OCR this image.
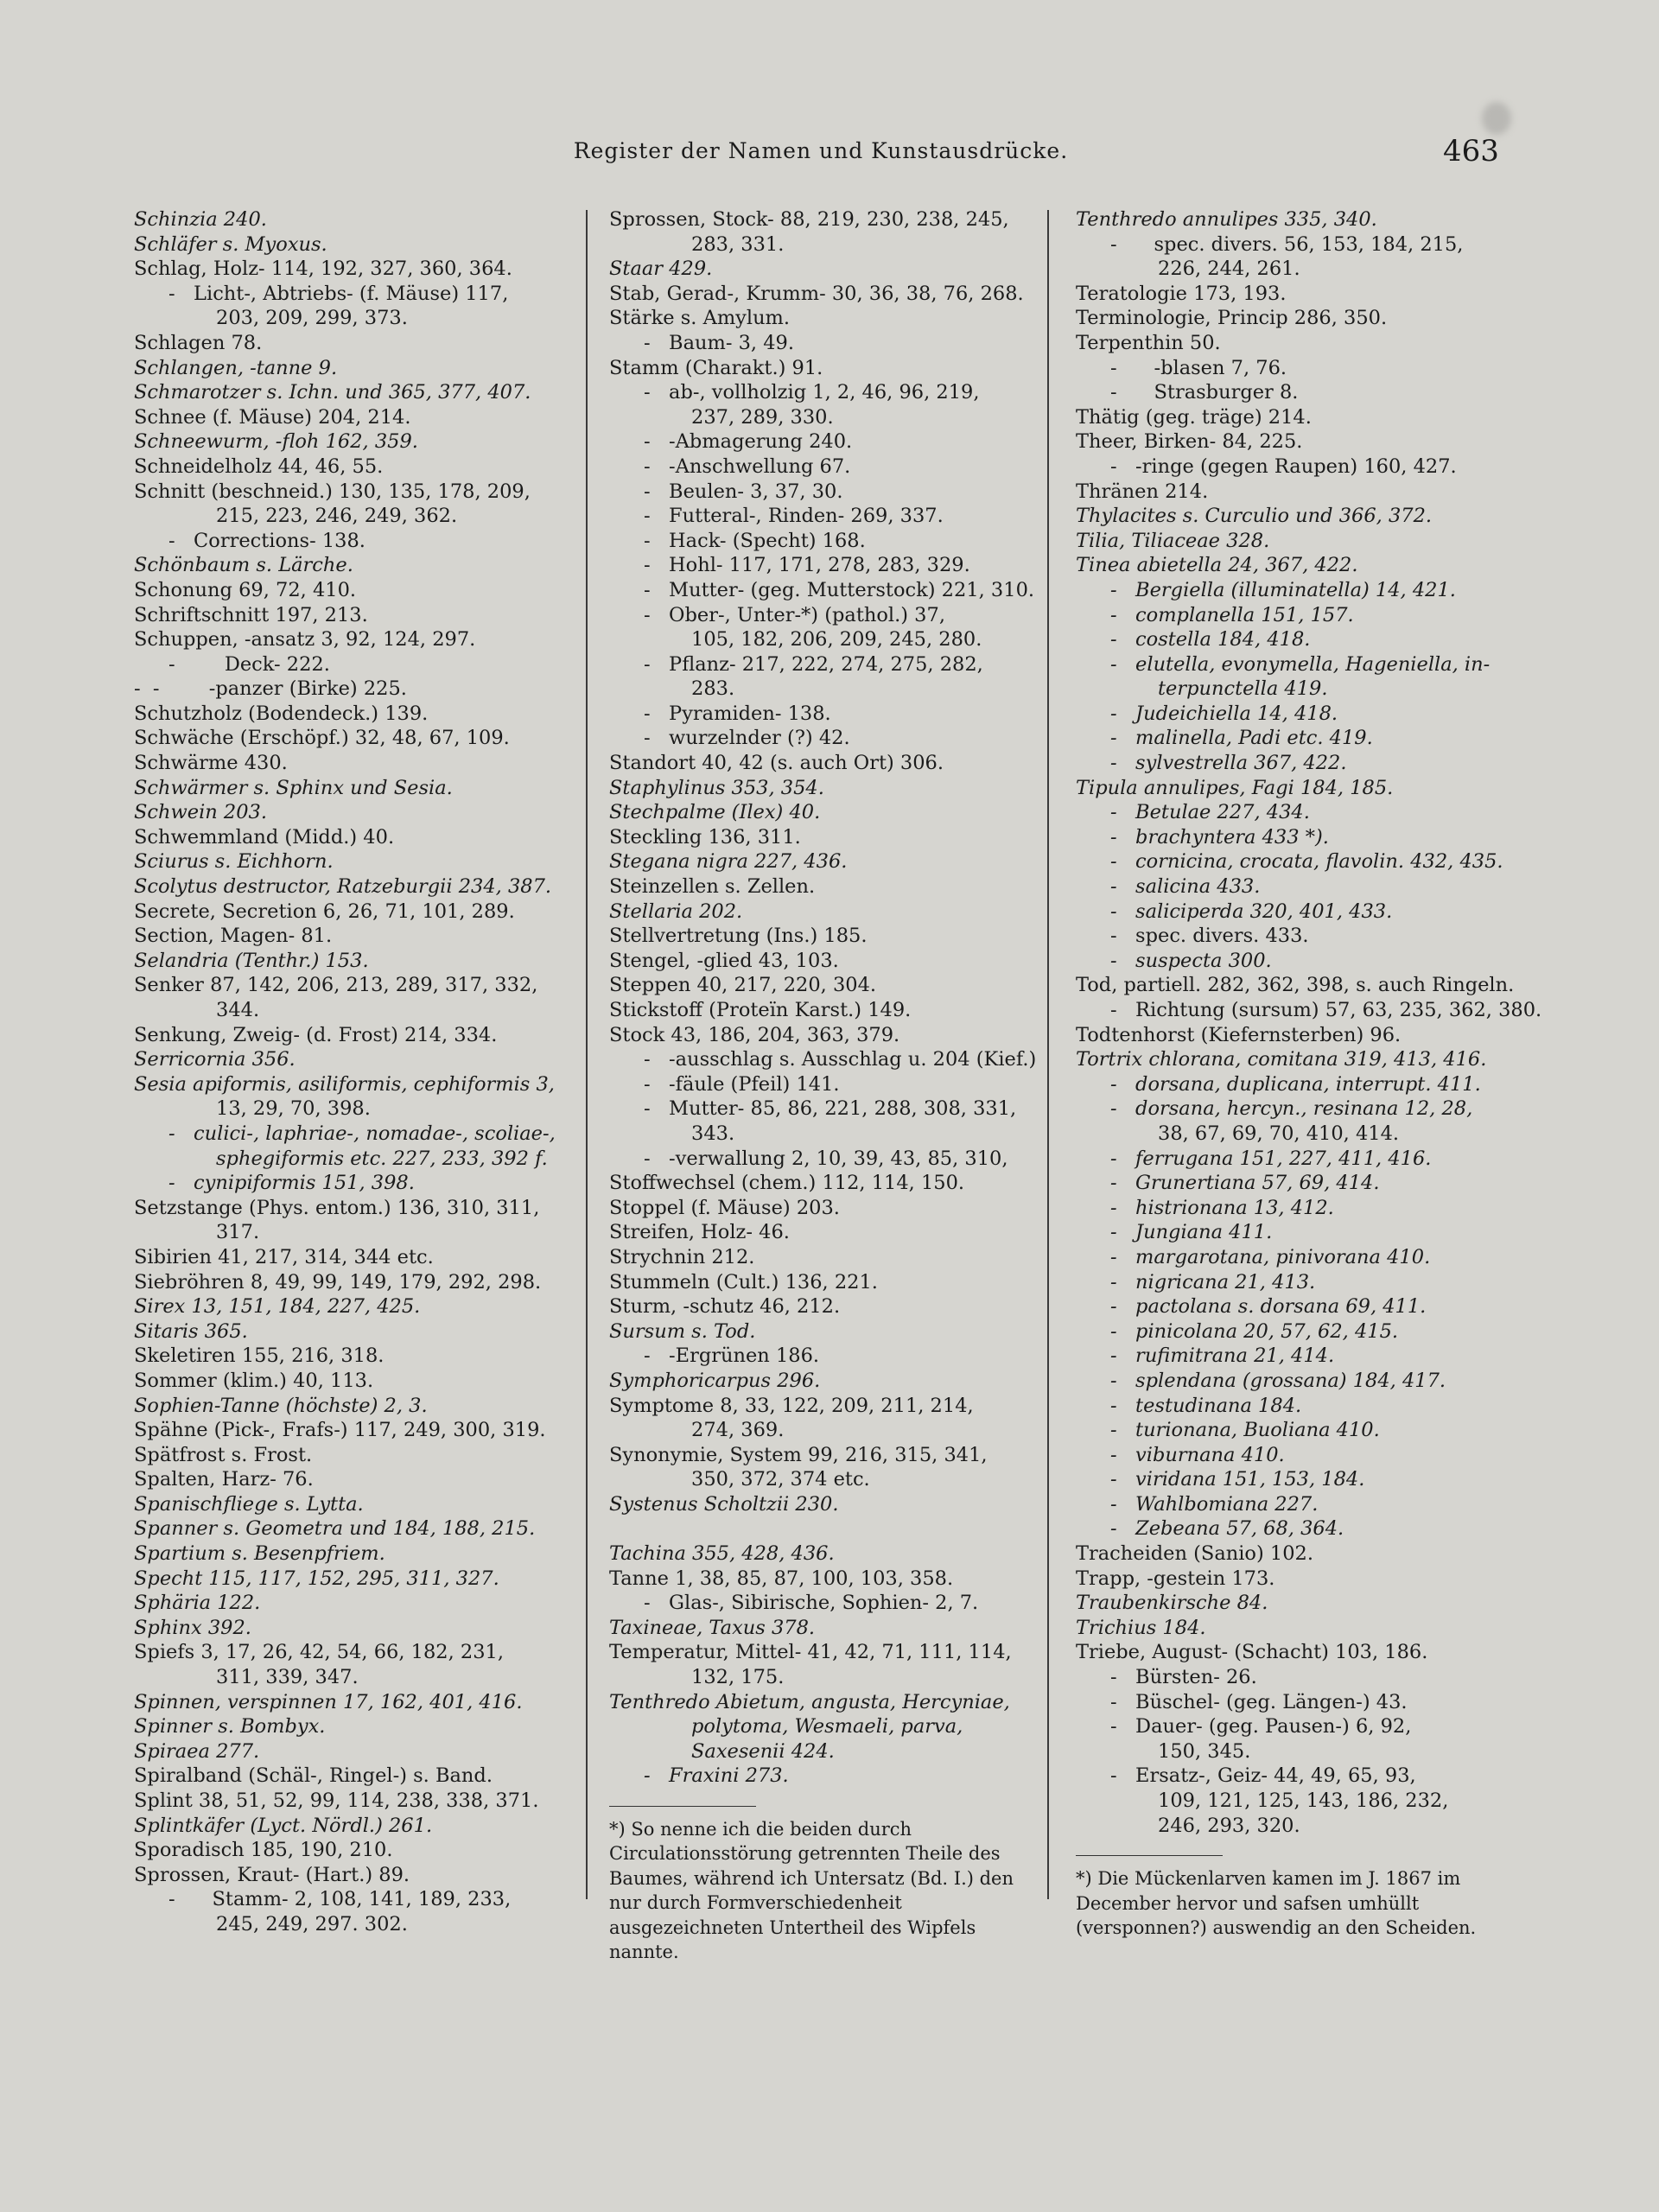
Register der Namen und Kunstausdrücke.	463
Schinzia 240.
Schläfer s. Myoxus.
Schlag, Holz- 114, 192, 327, 360, 364.
-   Licht-, Abtriebs- (f. Mäuse) 117,
203, 209, 299, 373.
Schlagen 78.
Schlangen, -tanne 9.
Schmarotzer s. Ichn. und 365, 377, 407.
Schnee (f. Mäuse) 204, 214.
Schneewurm, -floh 162, 359.
Schneidelholz 44, 46, 55.
Schnitt (beschneid.) 130, 135, 178, 209,
215, 223, 246, 249, 362.
-   Corrections- 138.
Schönbaum s. Lärche.
Schonung 69, 72, 410.
Schriftschnitt 197, 213.
Schuppen, -ansatz 3, 92, 124, 297.
-        Deck- 222.
-  -        -panzer (Birke) 225.
Schutzholz (Bodendeck.) 139.
Schwäche (Erschöpf.) 32, 48, 67, 109.
Schwärme 430.
Schwärmer s. Sphinx und Sesia.
Schwein 203.
Schwemmland (Midd.) 40.
Sciurus s. Eichhorn.
Scolytus destructor, Ratzeburgii 234, 387.
Secrete, Secretion 6, 26, 71, 101, 289.
Section, Magen- 81.
Selandria (Tenthr.) 153.
Senker 87, 142, 206, 213, 289, 317, 332,
344.
Senkung, Zweig- (d. Frost) 214, 334.
Serricornia 356.
Sesia apiformis, asiliformis, cephiformis 3,
13, 29, 70, 398.
-   culici-, laphriae-, nomadae-, scoliae-,
sphegiformis etc. 227, 233, 392 f.
-   cynipiformis 151, 398.
Setzstange (Phys. entom.) 136, 310, 311,
317.
Sibirien 41, 217, 314, 344 etc.
Siebröhren 8, 49, 99, 149, 179, 292, 298.
Sirex 13, 151, 184, 227, 425.
Sitaris 365.
Skeletiren 155, 216, 318.
Sommer (klim.) 40, 113.
Sophien-Tanne (höchste) 2, 3.
Spähne (Pick-, Frafs-) 117, 249, 300, 319.
Spätfrost s. Frost.
Spalten, Harz- 76.
Spanischfliege s. Lytta.
Spanner s. Geometra und 184, 188, 215.
Spartium s. Besenpfriem.
Specht 115, 117, 152, 295, 311, 327.
Sphäria 122.
Sphinx 392.
Spiefs 3, 17, 26, 42, 54, 66, 182, 231,
311, 339, 347.
Spinnen, verspinnen 17, 162, 401, 416.
Spinner s. Bombyx.
Spiraea 277.
Spiralband (Schäl-, Ringel-) s. Band.
Splint 38, 51, 52, 99, 114, 238, 338, 371.
Splintkäfer (Lyct. Nördl.) 261.
Sporadisch 185, 190, 210.
Sprossen, Kraut- (Hart.) 89.
-      Stamm- 2, 108, 141, 189, 233,
245, 249, 297. 302.
Sprossen, Stock- 88, 219, 230, 238, 245,
283, 331.
Staar 429.
Stab, Gerad-, Krumm- 30, 36, 38, 76, 268.
Stärke s. Amylum.
-   Baum- 3, 49.
Stamm (Charakt.) 91.
-   ab-, vollholzig 1, 2, 46, 96, 219,
237, 289, 330.
-   -Abmagerung 240.
-   -Anschwellung 67.
-   Beulen- 3, 37, 30.
-   Futteral-, Rinden- 269, 337.
-   Hack- (Specht) 168.
-   Hohl- 117, 171, 278, 283, 329.
-   Mutter- (geg. Mutterstock) 221, 310.
-   Ober-, Unter-*) (pathol.) 37,
105, 182, 206, 209, 245, 280.
-   Pflanz- 217, 222, 274, 275, 282,
283.
-   Pyramiden- 138.
-   wurzelnder (?) 42.
Standort 40, 42 (s. auch Ort) 306.
Staphylinus 353, 354.
Stechpalme (Ilex) 40.
Steckling 136, 311.
Stegana nigra 227, 436.
Steinzellen s. Zellen.
Stellaria 202.
Stellvertretung (Ins.) 185.
Stengel, -glied 43, 103.
Steppen 40, 217, 220, 304.
Stickstoff (Proteïn Karst.) 149.
Stock 43, 186, 204, 363, 379.
-   -ausschlag s. Ausschlag u. 204 (Kief.)
-   -fäule (Pfeil) 141.
-   Mutter- 85, 86, 221, 288, 308, 331,
343.
-   -verwallung 2, 10, 39, 43, 85, 310,
Stoffwechsel (chem.) 112, 114, 150.
Stoppel (f. Mäuse) 203.
Streifen, Holz- 46.
Strychnin 212.
Stummeln (Cult.) 136, 221.
Sturm, -schutz 46, 212.
Sursum s. Tod.
-   -Ergrünen 186.
Symphoricarpus 296.
Symptome 8, 33, 122, 209, 211, 214,
274, 369.
Synonymie, System 99, 216, 315, 341,
350, 372, 374 etc.
Systenus Scholtzii 230.
Tachina 355, 428, 436.
Tanne 1, 38, 85, 87, 100, 103, 358.
-   Glas-, Sibirische, Sophien- 2, 7.
Taxineae, Taxus 378.
Temperatur, Mittel- 41, 42, 71, 111, 114,
132, 175.
Tenthredo Abietum, angusta, Hercyniae,
polytoma, Wesmaeli, parva,
Saxesenii 424.
-   Fraxini 273.
*) So nenne ich die beiden durch Circulationsstörung getrennten Theile des Baumes, während ich Untersatz (Bd. I.) den nur durch Formverschiedenheit ausgezeichneten Untertheil des Wipfels nannte.
Tenthredo annulipes 335, 340.
-      spec. divers. 56, 153, 184, 215,
226, 244, 261.
Teratologie 173, 193.
Terminologie, Princip 286, 350.
Terpenthin 50.
-      -blasen 7, 76.
-      Strasburger 8.
Thätig (geg. träge) 214.
Theer, Birken- 84, 225.
-   -ringe (gegen Raupen) 160, 427.
Thränen 214.
Thylacites s. Curculio und 366, 372.
Tilia, Tiliaceae 328.
Tinea abietella 24, 367, 422.
-   Bergiella (illuminatella) 14, 421.
-   complanella 151, 157.
-   costella 184, 418.
-   elutella, evonymella, Hageniella, in-
terpunctella 419.
-   Judeichiella 14, 418.
-   malinella, Padi etc. 419.
-   sylvestrella 367, 422.
Tipula annulipes, Fagi 184, 185.
-   Betulae 227, 434.
-   brachyntera 433 *).
-   cornicina, crocata, flavolin. 432, 435.
-   salicina 433.
-   saliciperda 320, 401, 433.
-   spec. divers. 433.
-   suspecta 300.
Tod, partiell. 282, 362, 398, s. auch Ringeln.
-   Richtung (sursum) 57, 63, 235, 362, 380.
Todtenhorst (Kiefernsterben) 96.
Tortrix chlorana, comitana 319, 413, 416.
-   dorsana, duplicana, interrupt. 411.
-   dorsana, hercyn., resinana 12, 28,
38, 67, 69, 70, 410, 414.
-   ferrugana 151, 227, 411, 416.
-   Grunertiana 57, 69, 414.
-   histrionana 13, 412.
-   Jungiana 411.
-   margarotana, pinivorana 410.
-   nigricana 21, 413.
-   pactolana s. dorsana 69, 411.
-   pinicolana 20, 57, 62, 415.
-   rufimitrana 21, 414.
-   splendana (grossana) 184, 417.
-   testudinana 184.
-   turionana, Buoliana 410.
-   viburnana 410.
-   viridana 151, 153, 184.
-   Wahlbomiana 227.
-   Zebeana 57, 68, 364.
Tracheiden (Sanio) 102.
Trapp, -gestein 173.
Traubenkirsche 84.
Trichius 184.
Triebe, August- (Schacht) 103, 186.
-   Bürsten- 26.
-   Büschel- (geg. Längen-) 43.
-   Dauer- (geg. Pausen-) 6, 92,
150, 345.
-   Ersatz-, Geiz- 44, 49, 65, 93,
109, 121, 125, 143, 186, 232,
246, 293, 320.
*) Die Mückenlarven kamen im J. 1867 im December hervor und safsen umhüllt (versponnen?) auswendig an den Scheiden.
